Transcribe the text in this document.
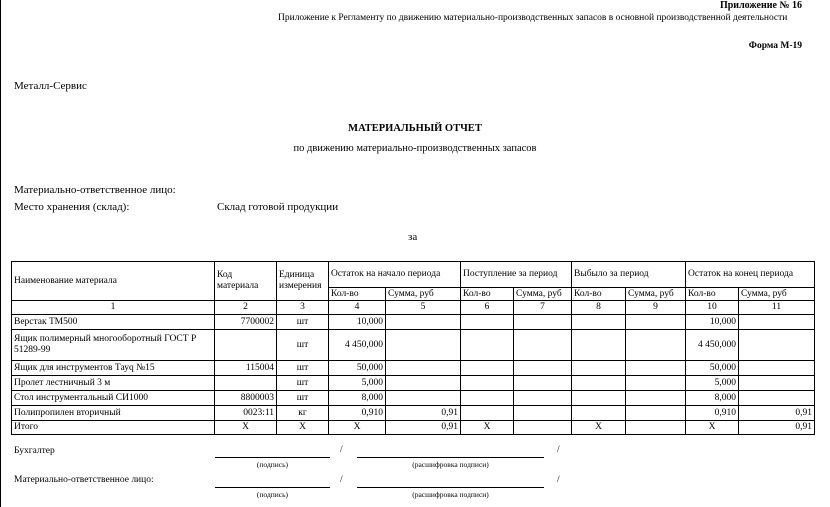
Приложение № 16
Приложение к Регламенту по движению материально-производственных запасов в основной производственной деятельности
Форма М-19
Металл-Сервис
МАТЕРИАЛЬНЫЙ ОТЧЕТ
по движению материально-производственных запасов
Материально-ответственное лицо:
Место хранения (склад):	Склад готовой продукции
за
Наименование материала	Код материала	Единица измерения	Остаток на начало периода		Поступление за период		Выбыло за период		Остаток на конец периода	
			Кол-во	Сумма, руб	Кол-во	Сумма, руб	Кол-во	Сумма, руб	Кол-во	Сумма, руб
1	2	3	4	5	6	7	8	9	10	11
Верстак ТМ500	7700002	шт	10,000						10,000	
Ящик полимерный многооборотный ГОСТ Р 51289-99		шт	4 450,000						4 450,000	
Ящик для инструментов Тауq №15	115004	шт	50,000						50,000	
Пролет лестничный 3 м		шт	5,000						5,000	
Стол инструментальный СИ1000	8800003	шт	8,000						8,000	
Полипропилен вторичный	0023:11	кг	0,910	0,91					0,910	0,91
Итого	Х	Х	Х	0,91	Х		Х		Х	0,91
Бухгалтер	/	/
(подпись)	(расшифровка подписи)
Материально-ответственное лицо:	/	/
(подпись)	(расшифровка подписи)
